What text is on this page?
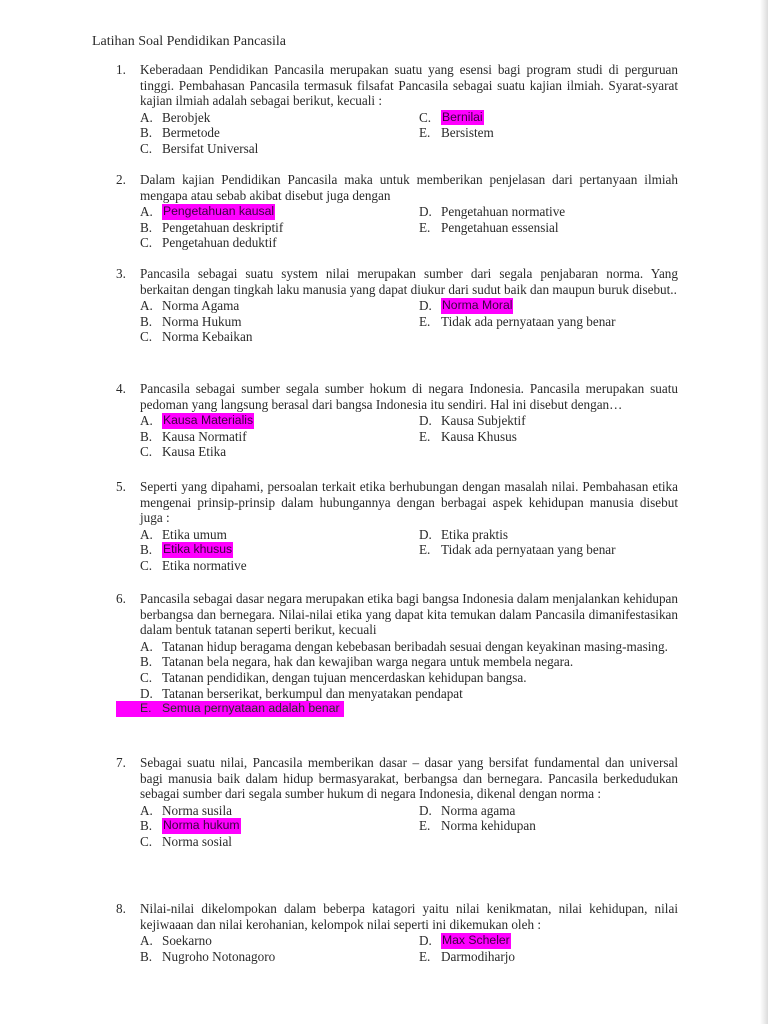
Latihan Soal Pendidikan Pancasila
1.	Keberadaan Pendidikan Pancasila merupakan suatu yang esensi bagi program studi di perguruan tinggi. Pembahasan Pancasila termasuk filsafat Pancasila sebagai suatu kajian ilmiah. Syarat-syarat kajian ilmiah adalah sebagai berikut, kecuali :
A. Berobjek	C. Bernilai
B. Bermetode	E. Bersistem
C. Bersifat Universal
2.	Dalam kajian Pendidikan Pancasila maka untuk memberikan penjelasan dari pertanyaan ilmiah mengapa atau sebab akibat disebut juga dengan
A. Pengetahuan kausal	D. Pengetahuan normative
B. Pengetahuan deskriptif	E. Pengetahuan essensial
C. Pengetahuan deduktif
3.	Pancasila sebagai suatu system nilai merupakan sumber dari segala penjabaran norma. Yang berkaitan dengan tingkah laku manusia yang dapat diukur dari sudut baik dan maupun buruk disebut..
A. Norma Agama	D. Norma Moral
B. Norma Hukum	E. Tidak ada pernyataan yang benar
C. Norma Kebaikan
4.	Pancasila sebagai sumber segala sumber hokum di negara Indonesia. Pancasila merupakan suatu pedoman yang langsung berasal dari bangsa Indonesia itu sendiri. Hal ini disebut dengan…
A. Kausa Materialis	D. Kausa Subjektif
B. Kausa Normatif	E. Kausa Khusus
C. Kausa Etika
5.	Seperti yang dipahami, persoalan terkait etika berhubungan dengan masalah nilai. Pembahasan etika mengenai prinsip-prinsip dalam hubungannya dengan berbagai aspek kehidupan manusia disebut juga :
A. Etika umum	D. Etika praktis
B. Etika khusus	E. Tidak ada pernyataan yang benar
C. Etika normative
6.	Pancasila sebagai dasar negara merupakan etika bagi bangsa Indonesia dalam menjalankan kehidupan berbangsa dan bernegara. Nilai-nilai etika yang dapat kita temukan dalam Pancasila dimanifestasikan dalam bentuk tatanan seperti berikut, kecuali
A. Tatanan hidup beragama dengan kebebasan beribadah sesuai dengan keyakinan masing-masing.
B. Tatanan bela negara, hak dan kewajiban warga negara untuk membela negara.
C. Tatanan pendidikan, dengan tujuan mencerdaskan kehidupan bangsa.
D. Tatanan berserikat, berkumpul dan menyatakan pendapat
E. Semua pernyataan adalah benar
7.	Sebagai suatu nilai, Pancasila memberikan dasar – dasar yang bersifat fundamental dan universal bagi manusia baik dalam hidup bermasyarakat, berbangsa dan bernegara. Pancasila berkedudukan sebagai sumber dari segala sumber hukum di negara Indonesia, dikenal dengan norma :
A. Norma susila	D. Norma agama
B. Norma hukum	E. Norma kehidupan
C. Norma sosial
8.	Nilai-nilai dikelompokan dalam beberpa katagori yaitu nilai kenikmatan, nilai kehidupan, nilai kejiwaaan dan nilai kerohanian, kelompok nilai seperti ini dikemukan oleh :
A. Soekarno	D. Max Scheler
B. Nugroho Notonagoro	E. Darmodiharjo
